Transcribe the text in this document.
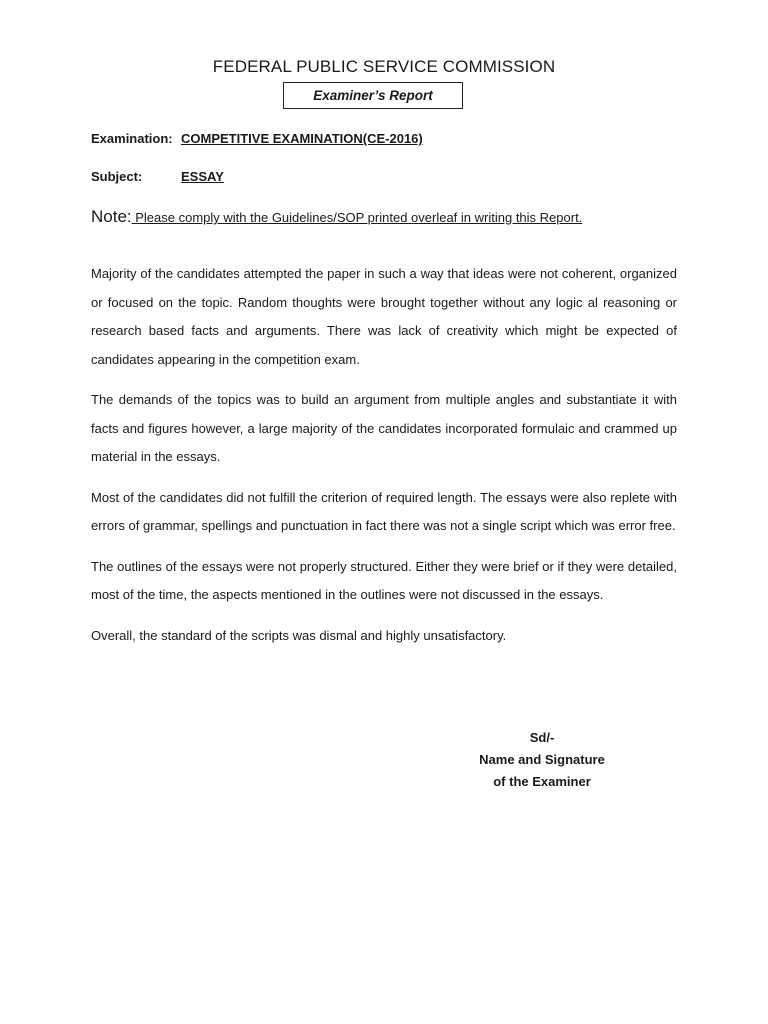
FEDERAL PUBLIC SERVICE COMMISSION
Examiner’s Report
Examination: COMPETITIVE EXAMINATION(CE-2016)
Subject:	ESSAY
Note: Please comply with the Guidelines/SOP printed overleaf in writing this Report.

Majority of the candidates attempted the paper in such a way that ideas were not coherent, organized or focused on the topic. Random thoughts were brought together without any logic al reasoning or research based facts and arguments. There was lack of creativity which might be expected of candidates appearing in the competition exam.

The demands of the topics was to build an argument from multiple angles and substantiate it with facts and figures however, a large majority of the candidates incorporated formulaic and crammed up material in the essays.

Most of the candidates did not fulfill the criterion of required length. The essays were also replete with errors of grammar, spellings and punctuation in fact there was not a single script which was error free.

The outlines of the essays were not properly structured. Either they were brief or if they were detailed, most of the time, the aspects mentioned in the outlines were not discussed in the essays.

Overall, the standard of the scripts was dismal and highly unsatisfactory.

Sd/-
Name and Signature
of the Examiner
